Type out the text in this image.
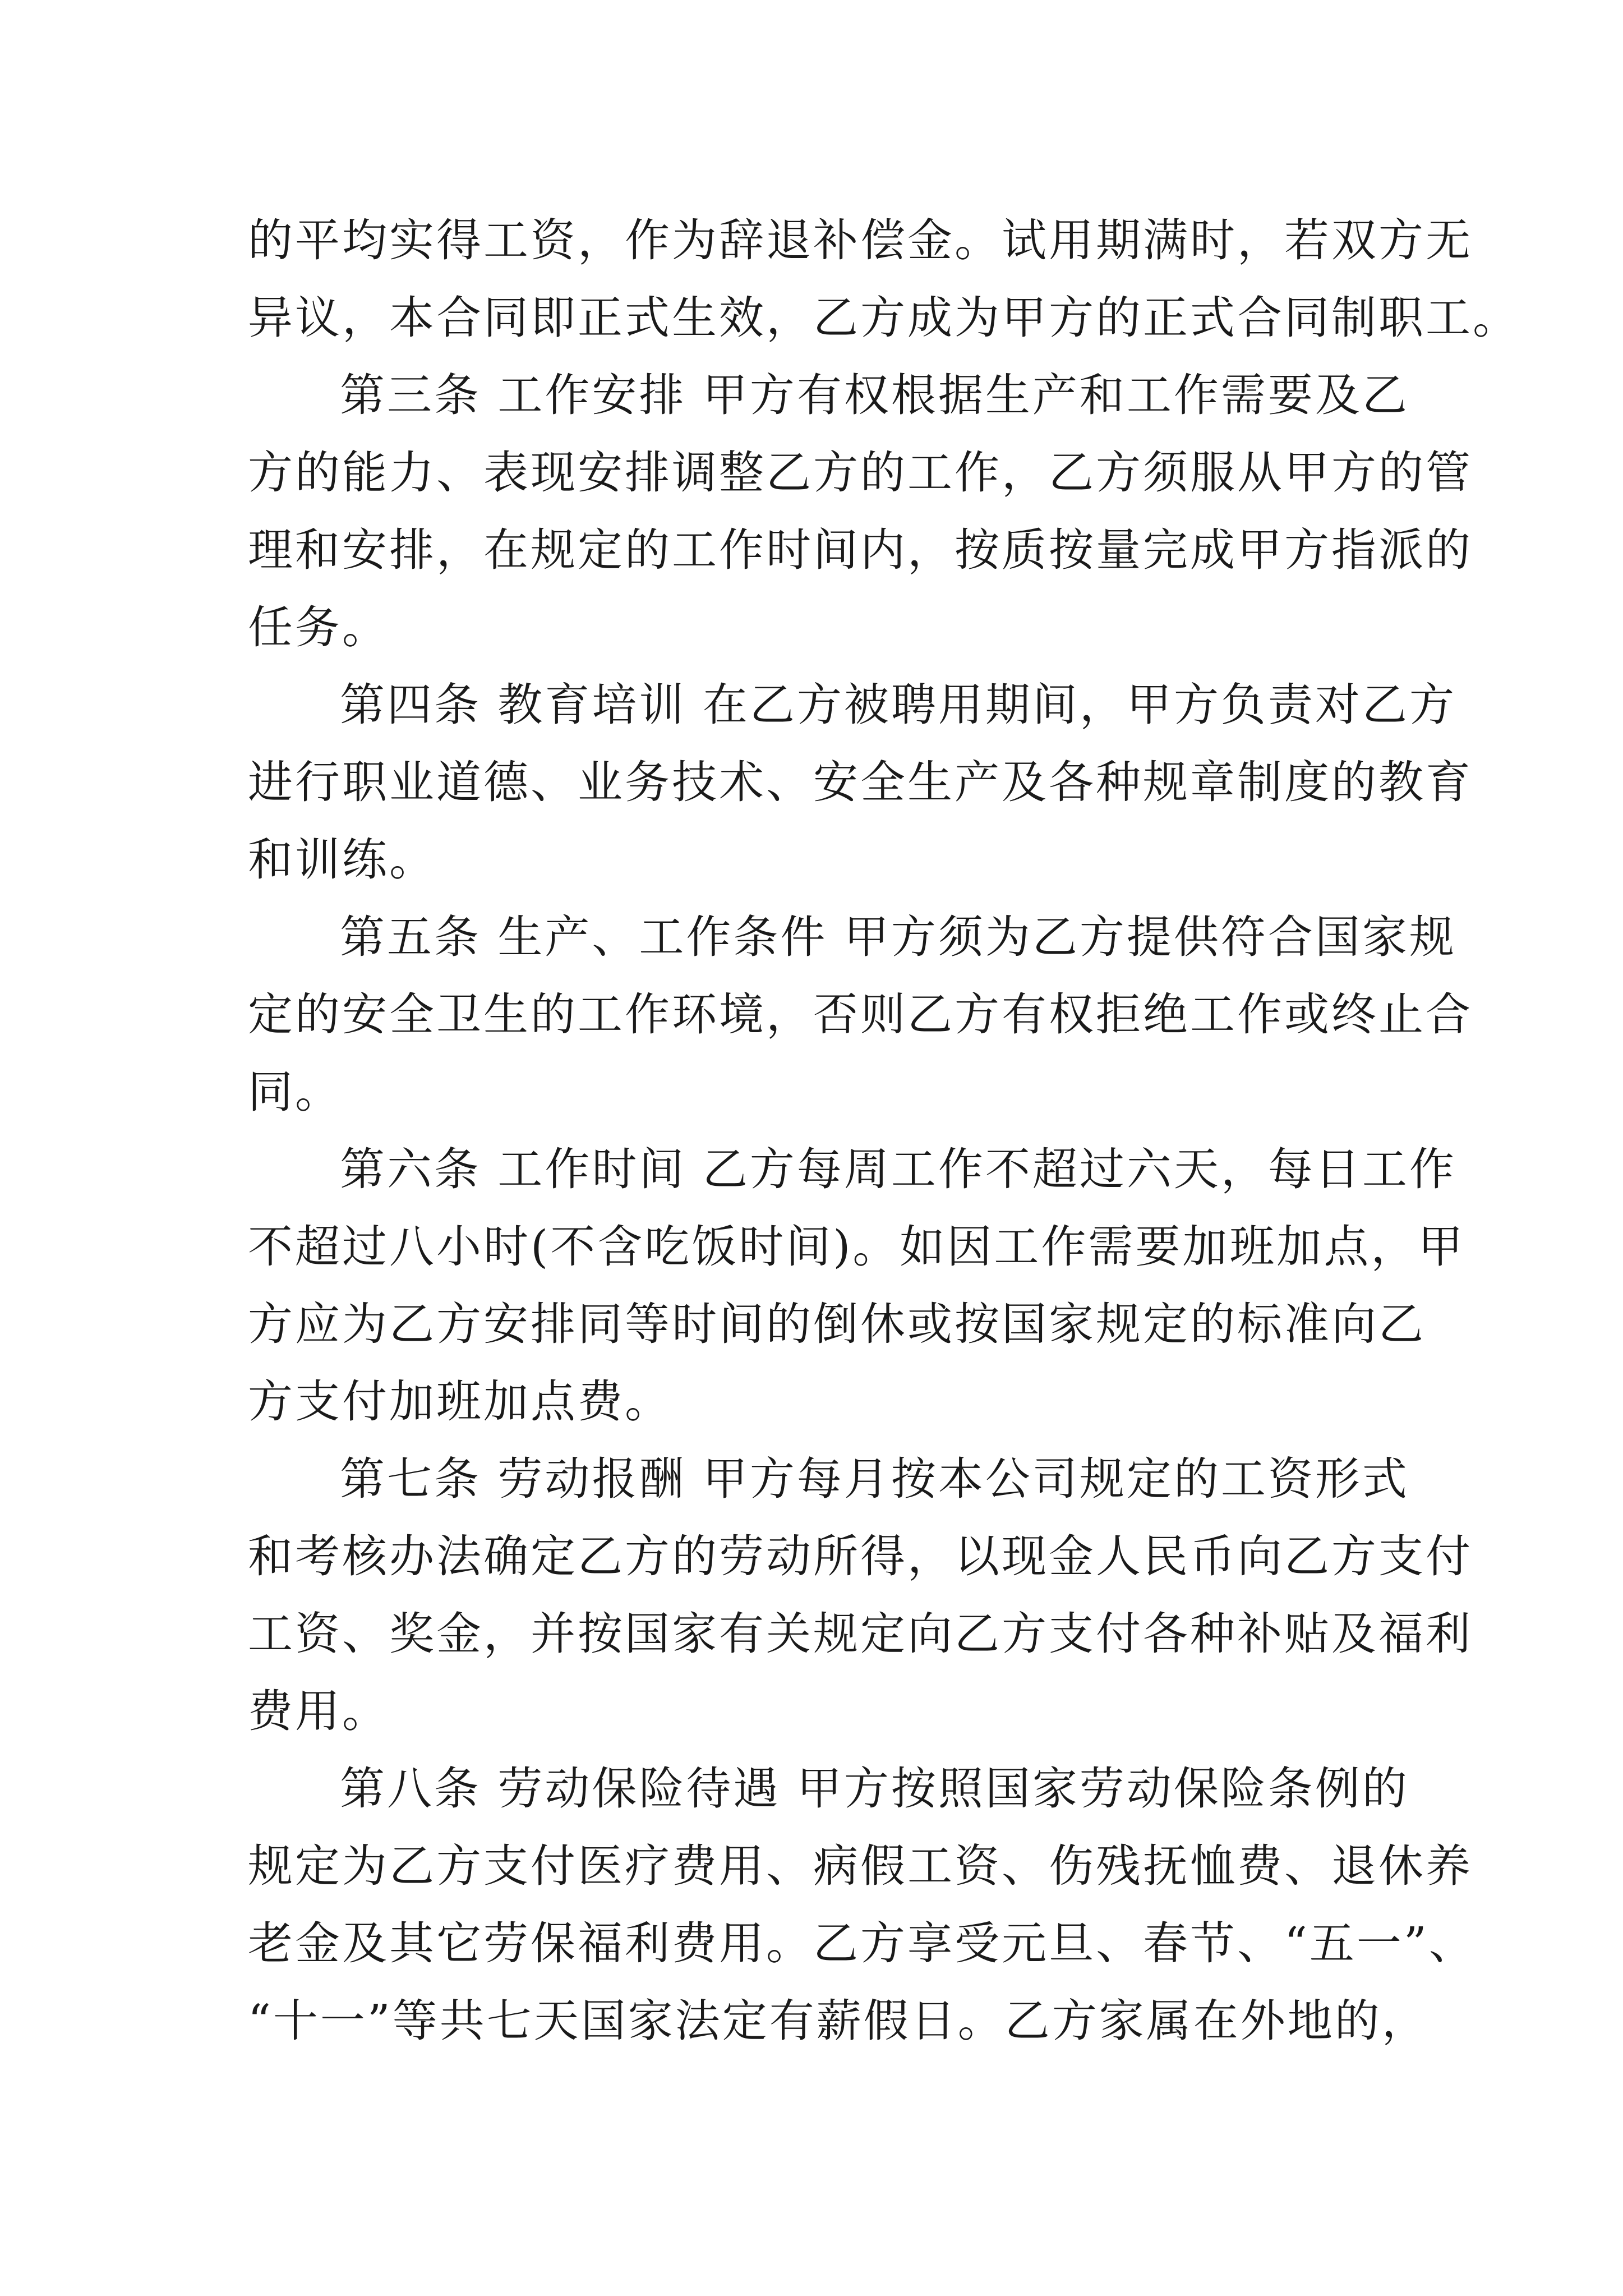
的平均实得工资，作为辞退补偿金。试用期满时，若双方无
异议，本合同即正式生效，乙方成为甲方的正式合同制职工。
第三条 工作安排 甲方有权根据生产和工作需要及乙
方的能力、表现安排调整乙方的工作，乙方须服从甲方的管
理和安排，在规定的工作时间内，按质按量完成甲方指派的
任务。
第四条 教育培训 在乙方被聘用期间，甲方负责对乙方
进行职业道德、业务技术、安全生产及各种规章制度的教育
和训练。
第五条 生产、工作条件 甲方须为乙方提供符合国家规
定的安全卫生的工作环境，否则乙方有权拒绝工作或终止合
同。
第六条 工作时间 乙方每周工作不超过六天，每日工作
不超过八小时(不含吃饭时间)。如因工作需要加班加点，甲
方应为乙方安排同等时间的倒休或按国家规定的标准向乙
方支付加班加点费。
第七条 劳动报酬 甲方每月按本公司规定的工资形式
和考核办法确定乙方的劳动所得，以现金人民币向乙方支付
工资、奖金，并按国家有关规定向乙方支付各种补贴及福利
费用。
第八条 劳动保险待遇 甲方按照国家劳动保险条例的
规定为乙方支付医疗费用、病假工资、伤残抚恤费、退休养
老金及其它劳保福利费用。乙方享受元旦、春节、“五一”、
“十一”等共七天国家法定有薪假日。乙方家属在外地的，
